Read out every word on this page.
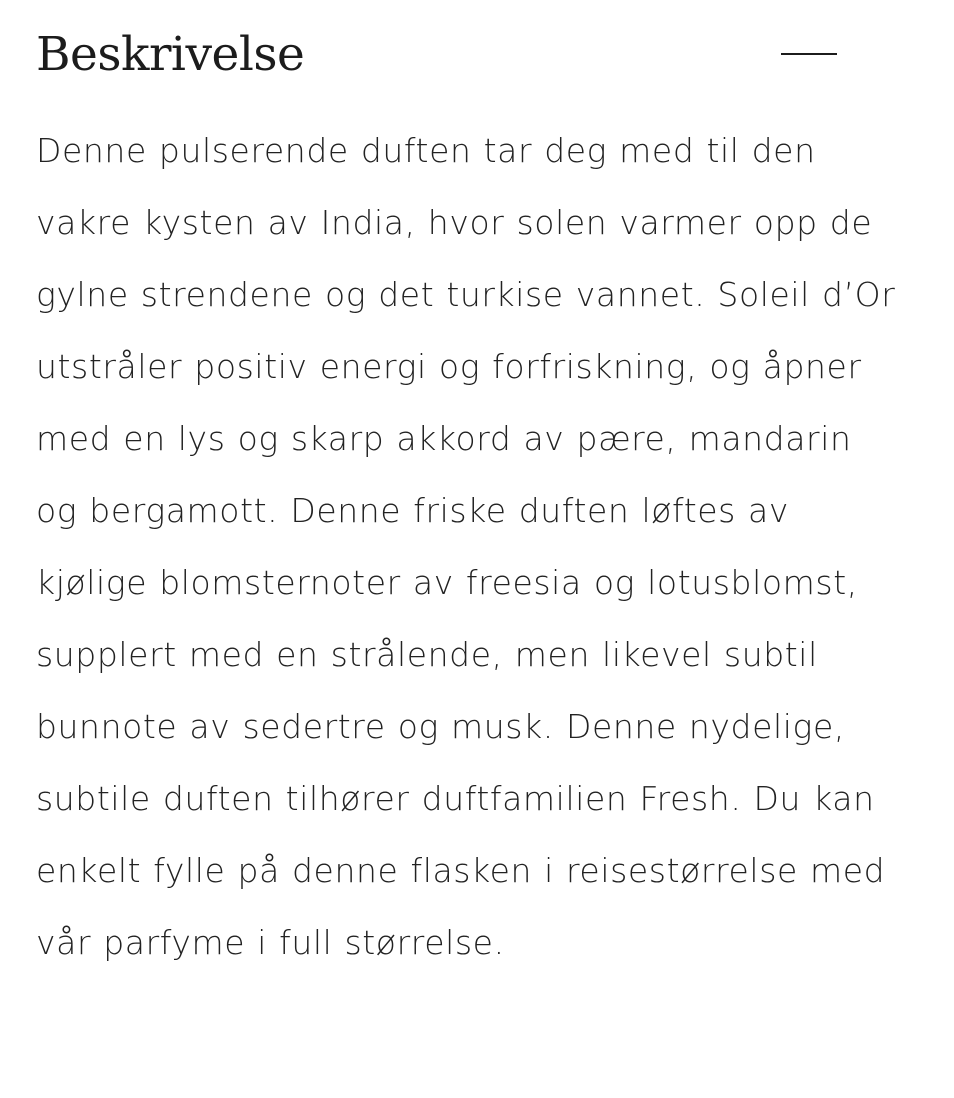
Beskrivelse

Denne pulserende duften tar deg med til den vakre kysten av India, hvor solen varmer opp de gylne strendene og det turkise vannet. Soleil d’Or utstråler positiv energi og forfriskning, og åpner med en lys og skarp akkord av pære, mandarin og bergamott. Denne friske duften løftes av kjølige blomsternoter av freesia og lotusblomst, supplert med en strålende, men likevel subtil bunnote av sedertre og musk. Denne nydelige, subtile duften tilhører duftfamilien Fresh. Du kan enkelt fylle på denne flasken i reisestørrelse med vår parfyme i full størrelse.
